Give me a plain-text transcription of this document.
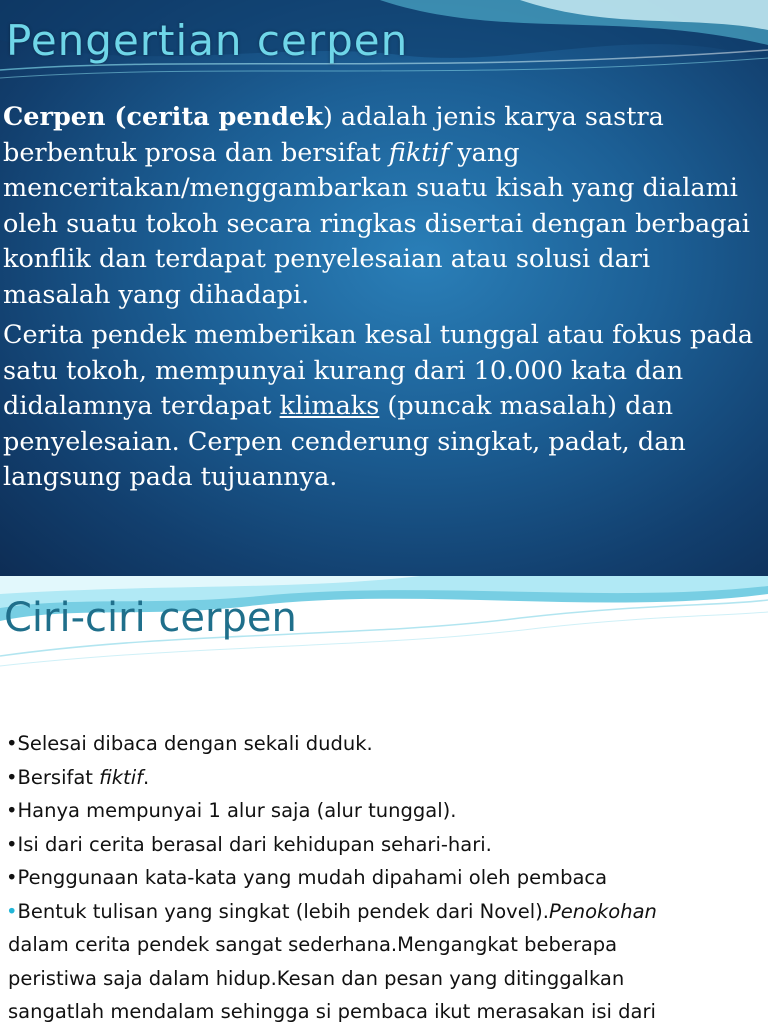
Pengertian cerpen

Cerpen (cerita pendek) adalah jenis karya sastra berbentuk prosa dan bersifat fiktif yang menceritakan/menggambarkan suatu kisah yang dialami oleh suatu tokoh secara ringkas disertai dengan berbagai konflik dan terdapat penyelesaian atau solusi dari masalah yang dihadapi.

Cerita pendek memberikan kesal tunggal atau fokus pada satu tokoh, mempunyai kurang dari 10.000 kata dan didalamnya terdapat klimaks (puncak masalah) dan penyelesaian. Cerpen cenderung singkat, padat, dan langsung pada tujuannya.

Ciri-ciri cerpen
•Selesai dibaca dengan sekali duduk.
•Bersifat fiktif.
•Hanya mempunyai 1 alur saja (alur tunggal).
•Isi dari cerita berasal dari kehidupan sehari-hari.
•Penggunaan kata-kata yang mudah dipahami oleh pembaca
•Bentuk tulisan yang singkat (lebih pendek dari Novel).Penokohan
dalam cerita pendek sangat sederhana.Mengangkat beberapa
peristiwa saja dalam hidup.Kesan dan pesan yang ditinggalkan
sangatlah mendalam sehingga si pembaca ikut merasakan isi dari
